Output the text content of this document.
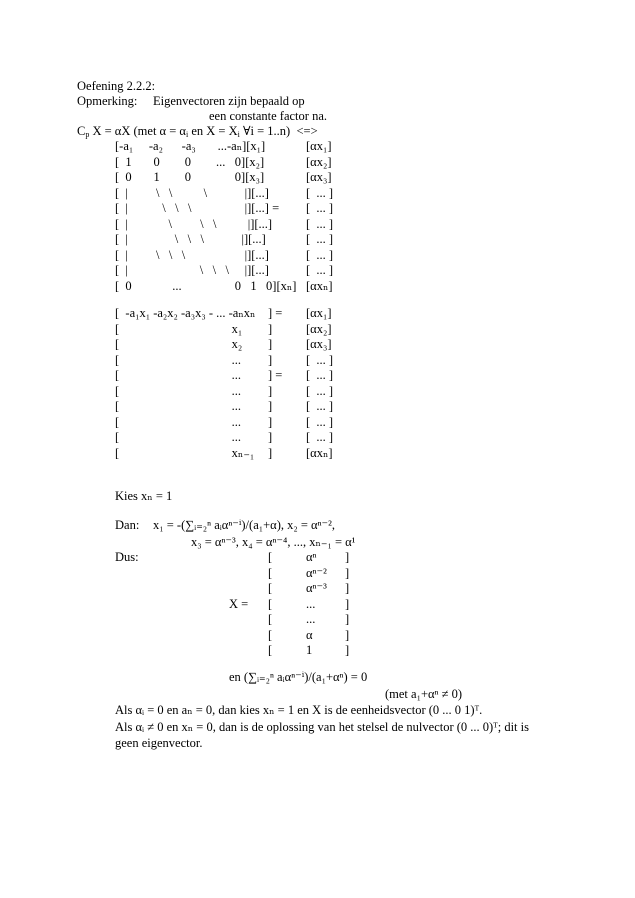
Oefening 2.2.2:
Opmerking: Eigenvectoren zijn bepaald op
een constante factor na.
$C_p$ X = αX (met $\alpha = \alpha_i$ en $X = X_i$ ∀i = 1..n)  <=>
[-a₁     -a₂      -a₃       ...-aₙ][x₁]	[αx₁]
[  1       0        0        ...   0][x₂]	[αx₂]
[  0       1        0              0][x₃]	[αx₃]
[  |         \   \          \            |][...]	[  ... ]
[  |           \   \   \                 |][...] = [  ... ]
[  |             \         \   \          |][...]	[  ... ]
[  |               \   \   \            |][...]	[  ... ]
[  |         \   \   \                   |][...]	[  ... ]
[  |                       \   \   \     |][...]	[  ... ]
[  0             ...                 0   1   0][xₙ] [αxₙ]
[  -a₁x₁ -a₂x₂ -a₃x₃ - ... -aₙxₙ ] = [αx₁]
[                                    x₁ ]	[αx₂]
[                                    x₂ ]	[αx₃]
[                                    ... ]	[  ... ]
[                                    ... ] = [  ... ]
[                                    ... ]	[  ... ]
[                                    ... ]	[  ... ]
[                                    ... ]	[  ... ]
[                                    ... ]	[  ... ]
[                                    xₙ₋₁ ]	[αxₙ]
Kies xₙ = 1
Dan: x₁ = -(∑ᵢ₌₂ⁿ aᵢαⁿ⁻ⁱ)/(a₁+α), x₂ = αⁿ⁻²,
x₃ = αⁿ⁻³, x₄ = αⁿ⁻⁴, ..., xₙ₋₁ = α¹
Dus:
X =
[	αⁿ ]
[	αⁿ⁻² ]
[	αⁿ⁻³ ]
[	... ]
[	... ]
[	α	]
[	1	]
en (∑ᵢ₌₂ⁿ aᵢαⁿ⁻ⁱ)/(a₁+αⁿ) = 0
(met a₁+αⁿ ≠ 0)
Als αᵢ = 0 en aₙ = 0, dan kies xₙ = 1 en X is de eenheidsvector (0 ... 0 1)ᵀ.
Als αᵢ ≠ 0 en xₙ = 0, dan is de oplossing van het stelsel de nulvector (0 ... 0)ᵀ; dit is
geen eigenvector.
